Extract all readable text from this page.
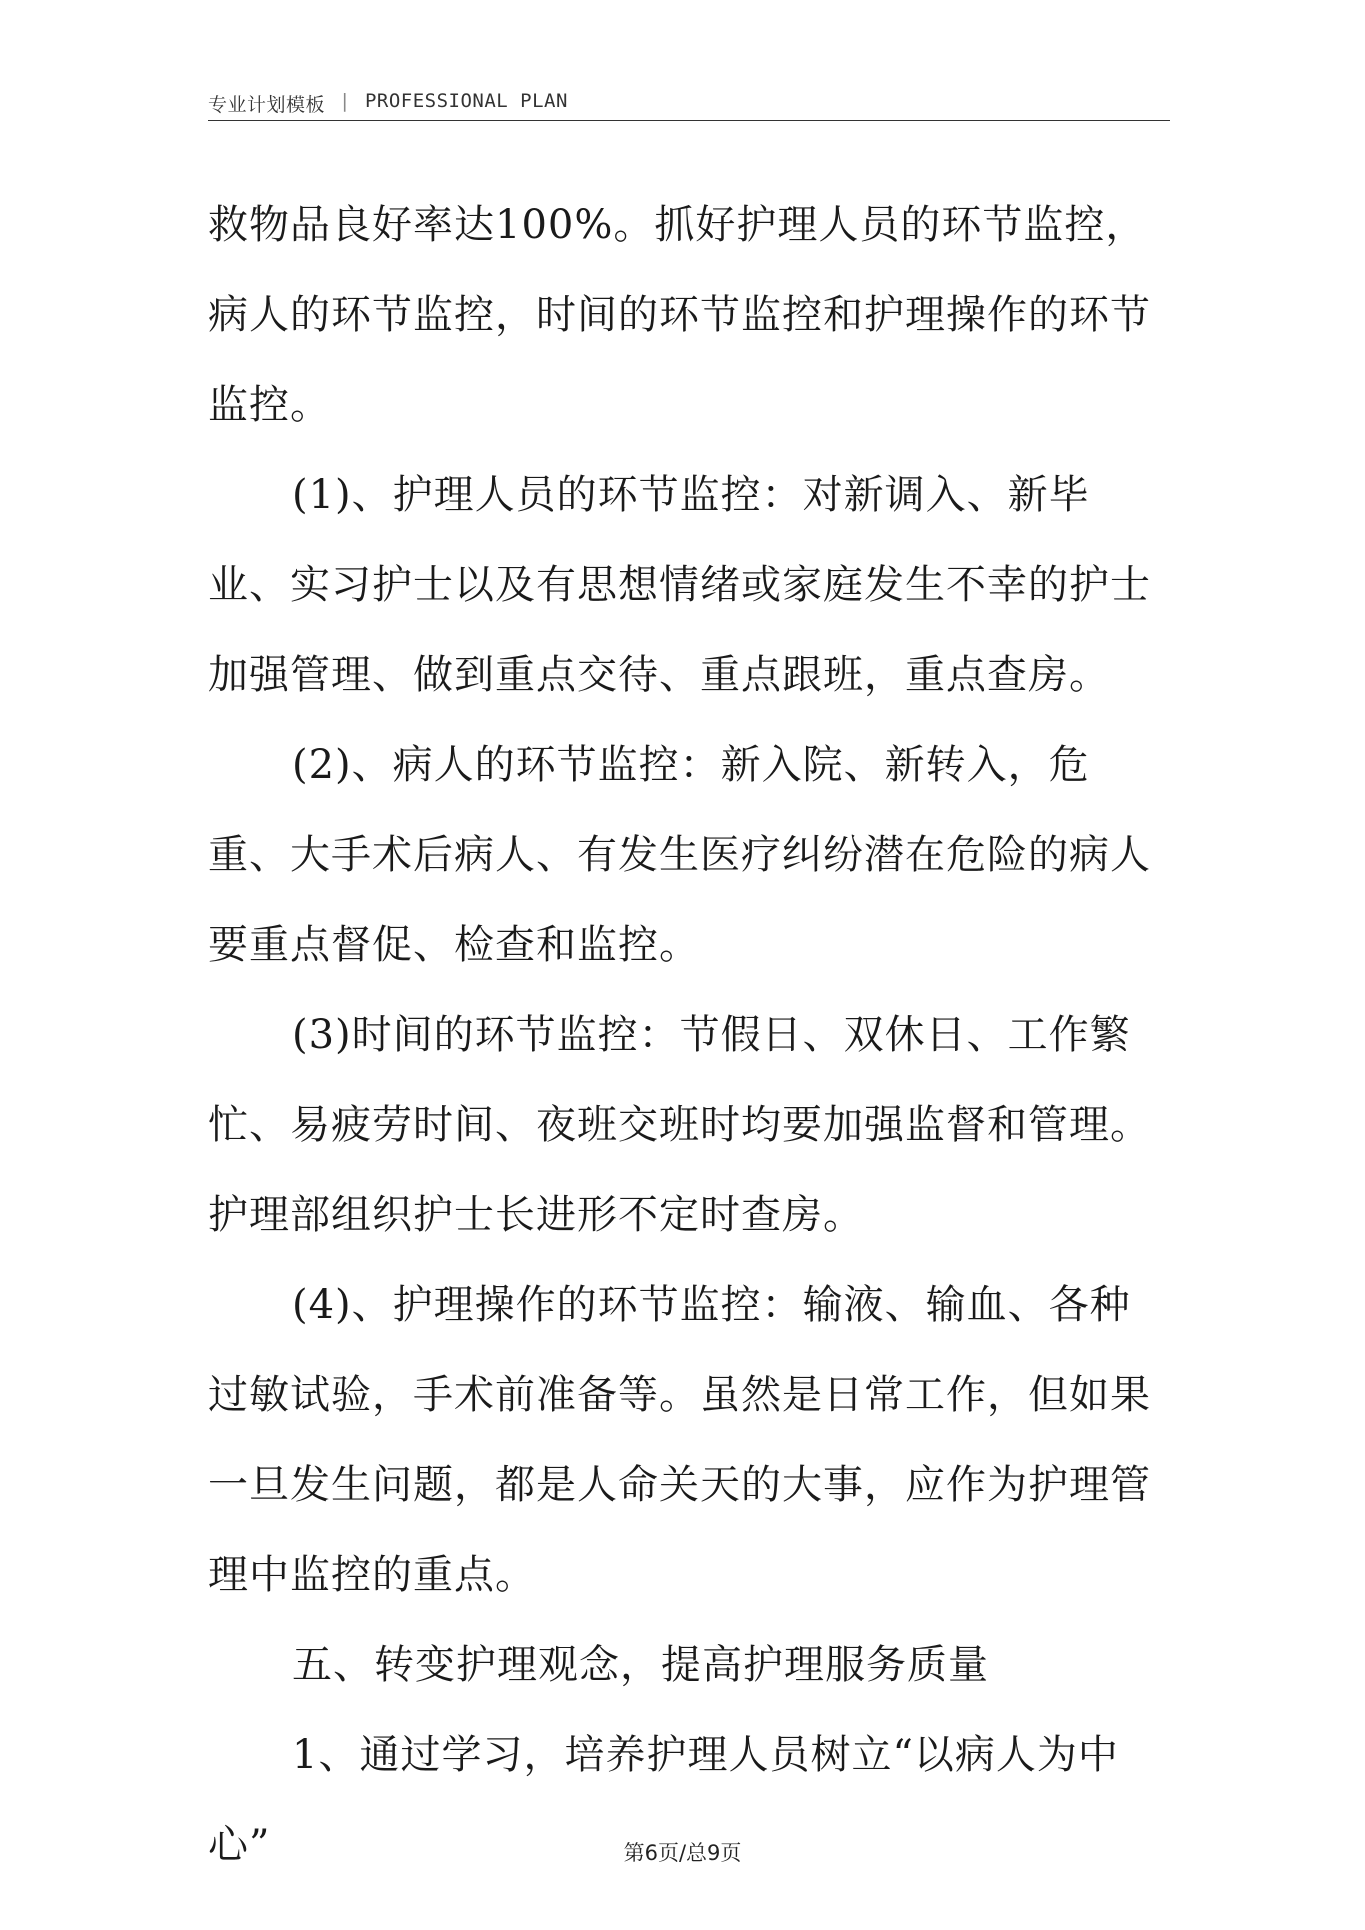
专业计划模板 | PROFESSIONAL PLAN

救物品良好率达100%。抓好护理人员的环节监控，病人的环节监控，时间的环节监控和护理操作的环节监控。

(1)、护理人员的环节监控：对新调入、新毕业、实习护士以及有思想情绪或家庭发生不幸的护士加强管理、做到重点交待、重点跟班，重点查房。

(2)、病人的环节监控：新入院、新转入，危重、大手术后病人、有发生医疗纠纷潜在危险的病人要重点督促、检查和监控。

(3)时间的环节监控：节假日、双休日、工作繁忙、易疲劳时间、夜班交班时均要加强监督和管理。护理部组织护士长进形不定时查房。

(4)、护理操作的环节监控：输液、输血、各种过敏试验，手术前准备等。虽然是日常工作，但如果一旦发生问题，都是人命关天的大事，应作为护理管理中监控的重点。

五、转变护理观念，提高护理服务质量

1、通过学习，培养护理人员树立“以病人为中心”	第6页/总9页
